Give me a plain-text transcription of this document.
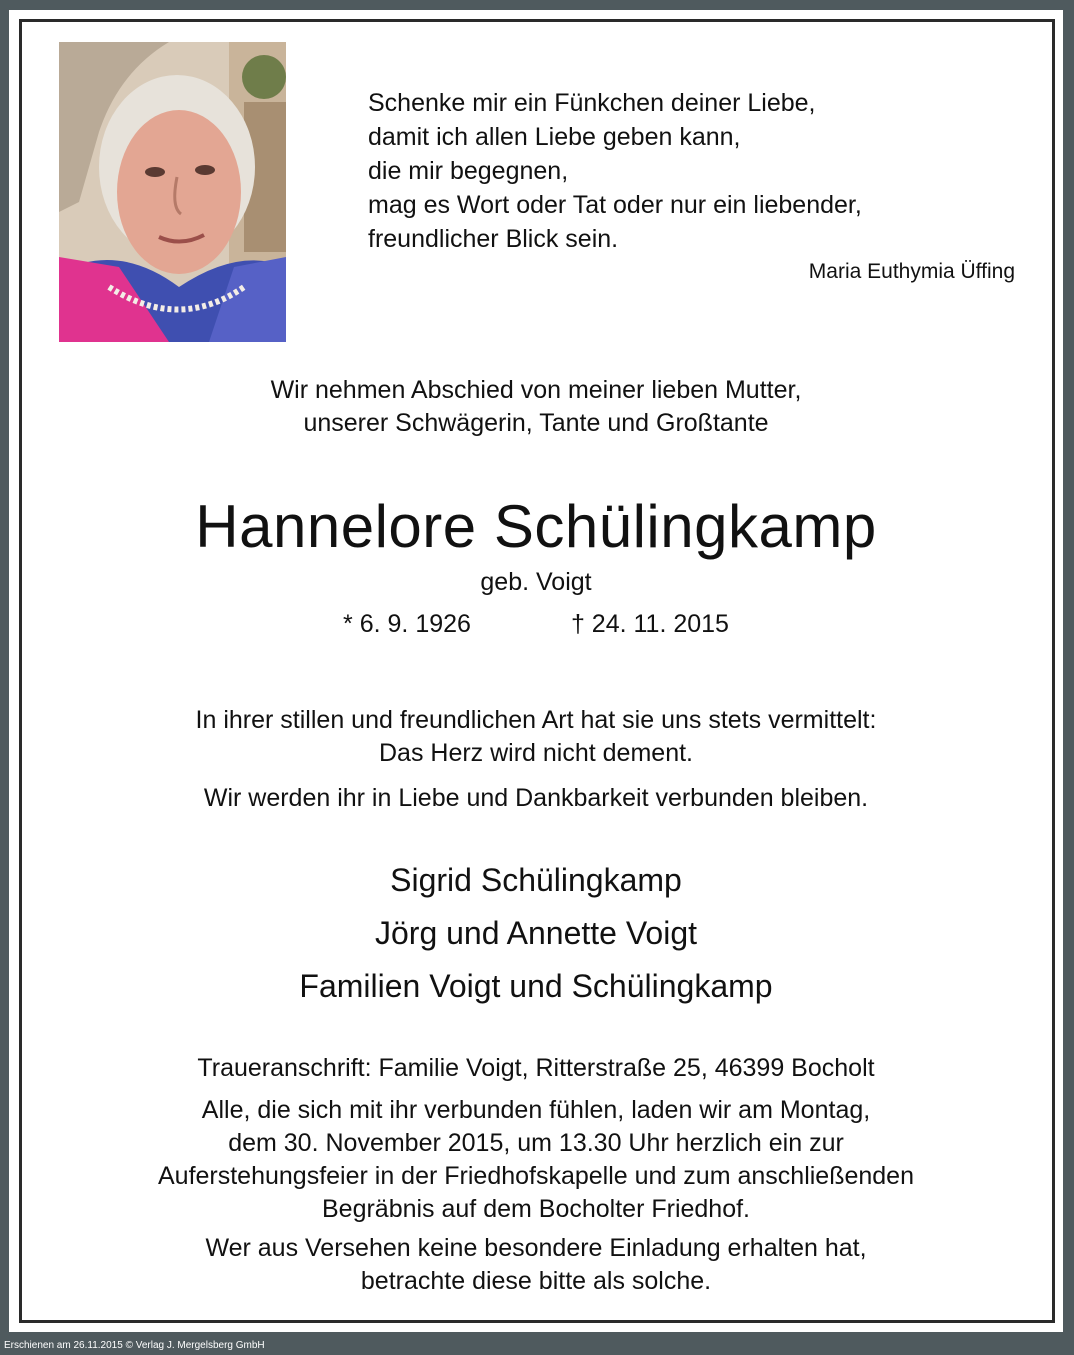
Schenke mir ein Fünkchen deiner Liebe,
damit ich allen Liebe geben kann,
die mir begegnen,
mag es Wort oder Tat oder nur ein liebender,
freundlicher Blick sein.
Maria Euthymia Üffing
Wir nehmen Abschied von meiner lieben Mutter,
unserer Schwägerin, Tante und Großtante
Hannelore Schülingkamp
geb. Voigt
* 6. 9. 1926	† 24. 11. 2015
In ihrer stillen und freundlichen Art hat sie uns stets vermittelt:
Das Herz wird nicht dement.
Wir werden ihr in Liebe und Dankbarkeit verbunden bleiben.
Sigrid Schülingkamp
Jörg und Annette Voigt
Familien Voigt und Schülingkamp
Traueranschrift: Familie Voigt, Ritterstraße 25, 46399 Bocholt
Alle, die sich mit ihr verbunden fühlen, laden wir am Montag,
dem 30. November 2015, um 13.30 Uhr herzlich ein zur
Auferstehungsfeier in der Friedhofskapelle und zum anschließenden
Begräbnis auf dem Bocholter Friedhof.
Wer aus Versehen keine besondere Einladung erhalten hat,
betrachte diese bitte als solche.
Erschienen am 26.11.2015 © Verlag J. Mergelsberg GmbH
